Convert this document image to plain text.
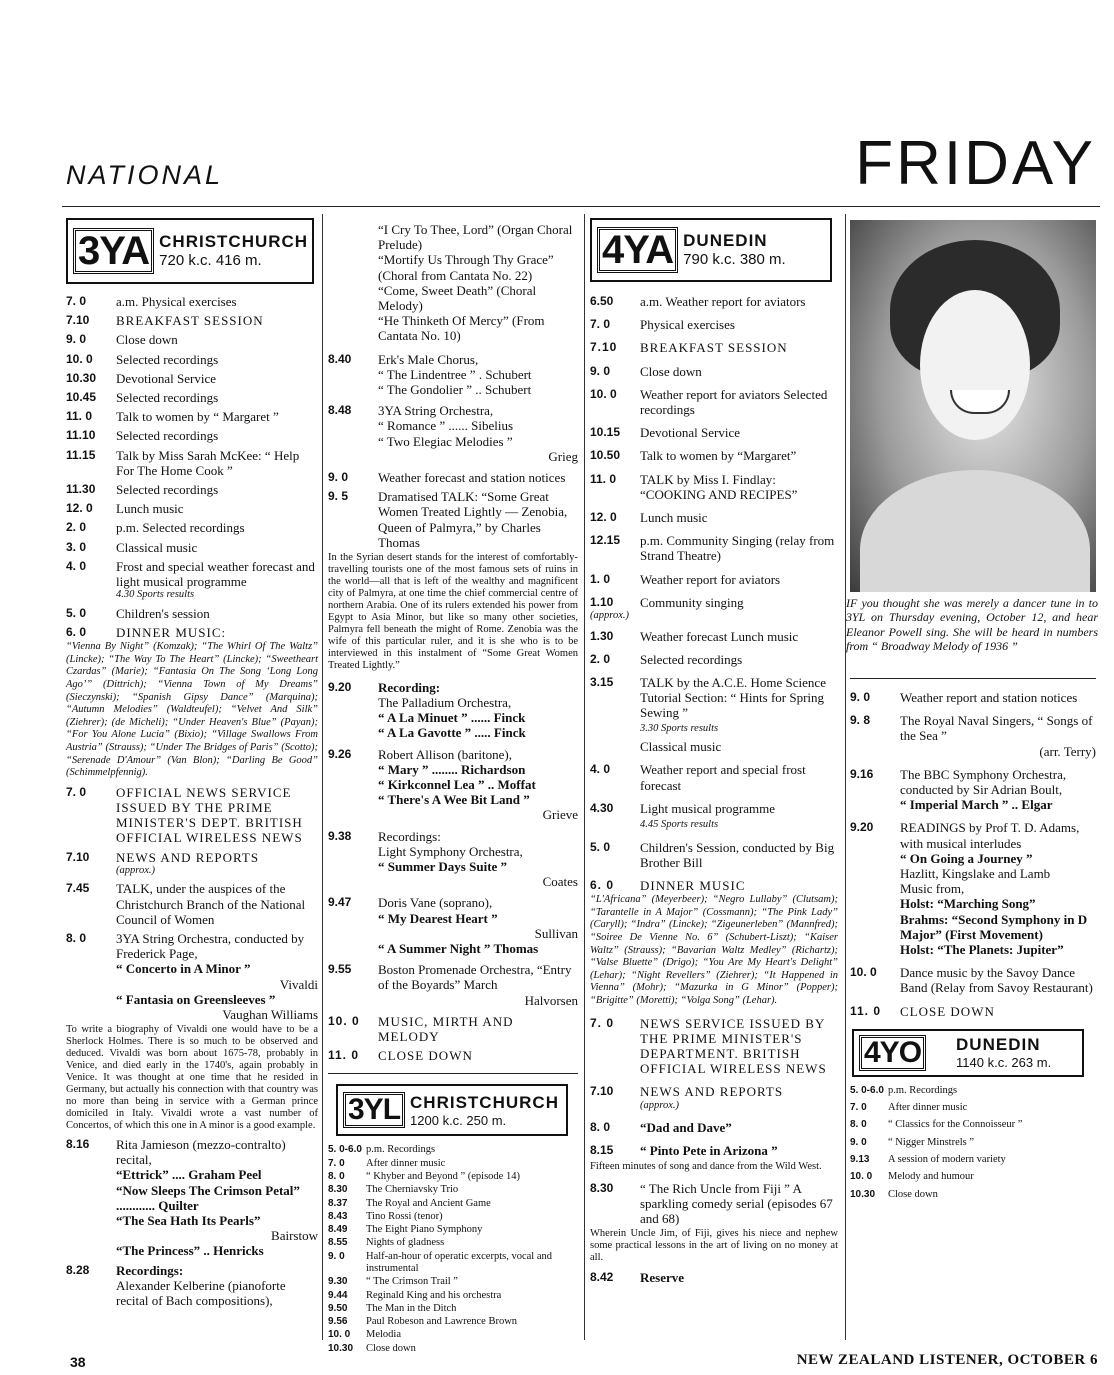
NATIONAL	FRIDAY
3YA CHRISTCHURCH
720 k.c. 416 m.
7. 0	a.m. Physical exercises
7.10	BREAKFAST SESSION
9. 0	Close down
10. 0	Selected recordings
10.30	Devotional Service
10.45	Selected recordings
11. 0	Talk to women by “ Margaret ”
11.10	Selected recordings
11.15	Talk by Miss Sarah McKee: “ Help For The Home Cook ”
11.30	Selected recordings
12. 0	Lunch music
2. 0	p.m. Selected recordings
3. 0	Classical music
4. 0	Frost and special weather forecast and light musical programme
4.30 Sports results
5. 0	Children's session
6. 0	DINNER MUSIC:
“Vienna By Night” (Komzak); “The Whirl Of The Waltz” (Lincke); “The Way To The Heart” (Lincke); “Sweetheart Czardas” (Marie); “Fantasia On The Song ‘Long Long Ago’” (Dittrich); “Vienna Town of My Dreams” (Sieczynski); “Spanish Gipsy Dance” (Marquina); “Autumn Melodies” (Waldteufel); “Velvet And Silk” (Ziehrer); (de Micheli); “Under Heaven's Blue” (Payan); “For You Alone Lucia” (Bixio); “Village Swallows From Austria” (Strauss); “Under The Bridges of Paris” (Scotto); “Serenade D'Amour” (Van Blon); “Darling Be Good” (Schimmelpfennig).
7. 0	OFFICIAL NEWS SERVICE ISSUED BY THE PRIME MINISTER'S DEPT. BRITISH OFFICIAL WIRELESS NEWS
7.10	NEWS AND REPORTS
(approx.)
7.45	TALK, under the auspices of the Christchurch Branch of the National Council of Women
8. 0	3YA String Orchestra, conducted by Frederick Page,
“ Concerto in A Minor ”
Vivaldi
“ Fantasia on Greensleeves ”
Vaughan Williams
To write a biography of Vivaldi one would have to be a Sherlock Holmes. There is so much to be observed and deduced. Vivaldi was born about 1675-78, probably in Venice, and died early in the 1740's, again probably in Venice. It was thought at one time that he resided in Germany, but actually his connection with that country was no more than being in service with a German prince domiciled in Italy. Vivaldi wrote a vast number of Concertos, of which this one in A minor is a good example.
8.16	Rita Jamieson (mezzo-contralto) recital,
“Ettrick” .... Graham Peel
“Now Sleeps The Crimson Petal” ............ Quilter
“The Sea Hath Its Pearls”
Bairstow
“The Princess” .. Henricks
8.28	Recordings:
Alexander Kelberine (pianoforte recital of Bach compositions),
“I Cry To Thee, Lord” (Organ Choral Prelude)
“Mortify Us Through Thy Grace” (Choral from Cantata No. 22)
“Come, Sweet Death” (Choral Melody)
“He Thinketh Of Mercy” (From Cantata No. 10)
8.40	Erk's Male Chorus,
“ The Lindentree ” . Schubert
“ The Gondolier ” .. Schubert
8.48	3YA String Orchestra,
“ Romance ” ...... Sibelius
“ Two Elegiac Melodies ”
Grieg
9. 0	Weather forecast and station notices
9. 5	Dramatised TALK: “Some Great Women Treated Lightly — Zenobia, Queen of Palmyra,” by Charles Thomas
In the Syrian desert stands for the interest of comfortably-travelling tourists one of the most famous sets of ruins in the world—all that is left of the wealthy and magnificent city of Palmyra, at one time the chief commercial centre of northern Arabia. One of its rulers extended his power from Egypt to Asia Minor, but like so many other societies, Palmyra fell beneath the might of Rome. Zenobia was the wife of this particular ruler, and it is she who is to be interviewed in this instalment of “Some Great Women Treated Lightly.”
9.20	Recording:
The Palladium Orchestra,
“ A La Minuet ” ...... Finck
“ A La Gavotte ” ..... Finck
9.26	Robert Allison (baritone),
“ Mary ” ........ Richardson
“ Kirkconnel Lea ” .. Moffat
“ There's A Wee Bit Land ”
Grieve
9.38	Recordings:
Light Symphony Orchestra,
“ Summer Days Suite ”
Coates
9.47	Doris Vane (soprano),
“ My Dearest Heart ”
Sullivan
“ A Summer Night ” Thomas
9.55	Boston Promenade Orchestra, “Entry of the Boyards” March
Halvorsen
10. 0	MUSIC, MIRTH AND MELODY
11. 0	CLOSE DOWN
3YL CHRISTCHURCH
1200 k.c. 250 m.
5. 0-6.0 p.m. Recordings
7. 0	After dinner music
8. 0	“ Khyber and Beyond ” (episode 14)
8.30	The Cherniavsky Trio
8.37	The Royal and Ancient Game
8.43	Tino Rossi (tenor)
8.49	The Eight Piano Symphony
8.55	Nights of gladness
9. 0	Half-an-hour of operatic excerpts, vocal and instrumental
9.30	“ The Crimson Trail ”
9.44	Reginald King and his orchestra
9.50	The Man in the Ditch
9.56	Paul Robeson and Lawrence Brown
10. 0	Melodia
10.30	Close down
4YA DUNEDIN
790 k.c. 380 m.
6.50	a.m. Weather report for aviators
7. 0	Physical exercises
7.10	BREAKFAST SESSION
9. 0	Close down
10. 0	Weather report for aviators Selected recordings
10.15	Devotional Service
10.50	Talk to women by “Margaret”
11. 0	TALK by Miss I. Findlay: “COOKING AND RECIPES”
12. 0	Lunch music
12.15	p.m. Community Singing (relay from Strand Theatre)
1. 0	Weather report for aviators
1.10	Community singing
(approx.)
1.30	Weather forecast Lunch music
2. 0	Selected recordings
3.15	TALK by the A.C.E. Home Science Tutorial Section: “ Hints for Spring Sewing ”
3.30 Sports results
Classical music
4. 0	Weather report and special frost forecast
4.30	Light musical programme
4.45 Sports results
5. 0	Children's Session, conducted by Big Brother Bill
6. 0	DINNER MUSIC
“L'Africana” (Meyerbeer); “Negro Lullaby” (Clutsam); “Tarantelle in A Major” (Cossmann); “The Pink Lady” (Caryll); “Indra” (Lincke); “Zigeunerleben” (Mannfred); “Soiree De Vienne No. 6” (Schubert-Liszt); “Kaiser Waltz” (Strauss); “Bavarian Waltz Medley” (Richartz); “Valse Bluette” (Drigo); “You Are My Heart's Delight” (Lehar); “Night Revellers” (Ziehrer); “It Happened in Vienna” (Mohr); “Mazurka in G Minor” (Popper); “Brigitte” (Moretti); “Volga Song” (Lehar).
7. 0	NEWS SERVICE ISSUED BY THE PRIME MINISTER'S DEPARTMENT. BRITISH OFFICIAL WIRELESS NEWS
7.10	NEWS AND REPORTS
(approx.)
8. 0	“Dad and Dave”
8.15	“ Pinto Pete in Arizona ”
Fifteen minutes of song and dance from the Wild West.
8.30	“ The Rich Uncle from Fiji ” A sparkling comedy serial (episodes 67 and 68)
Wherein Uncle Jim, of Fiji, gives his niece and nephew some practical lessons in the art of living on no money at all.
8.42	Reserve
IF you thought she was merely a dancer tune in to 3YL on Thursday evening, October 12, and hear Eleanor Powell sing. She will be heard in numbers from “ Broadway Melody of 1936 ”
9. 0	Weather report and station notices
9. 8	The Royal Naval Singers, “ Songs of the Sea ”
(arr. Terry)
9.16	The BBC Symphony Orchestra, conducted by Sir Adrian Boult,
“ Imperial March ” .. Elgar
9.20	READINGS by Prof T. D. Adams, with musical interludes
“ On Going a Journey ”
Hazlitt, Kingslake and Lamb
Music from,
Holst: “Marching Song”
Brahms: “Second Symphony in D Major” (First Movement)
Holst: “The Planets: Jupiter”
10. 0	Dance music by the Savoy Dance Band (Relay from Savoy Restaurant)
11. 0	CLOSE DOWN
4YO DUNEDIN
1140 k.c. 263 m.
5. 0-6.0 p.m. Recordings
7. 0	After dinner music
8. 0	“ Classics for the Connoisseur ”
9. 0	“ Nigger Minstrels ”
9.13	A session of modern variety
10. 0	Melody and humour
10.30	Close down
38	NEW ZEALAND LISTENER, OCTOBER 6
